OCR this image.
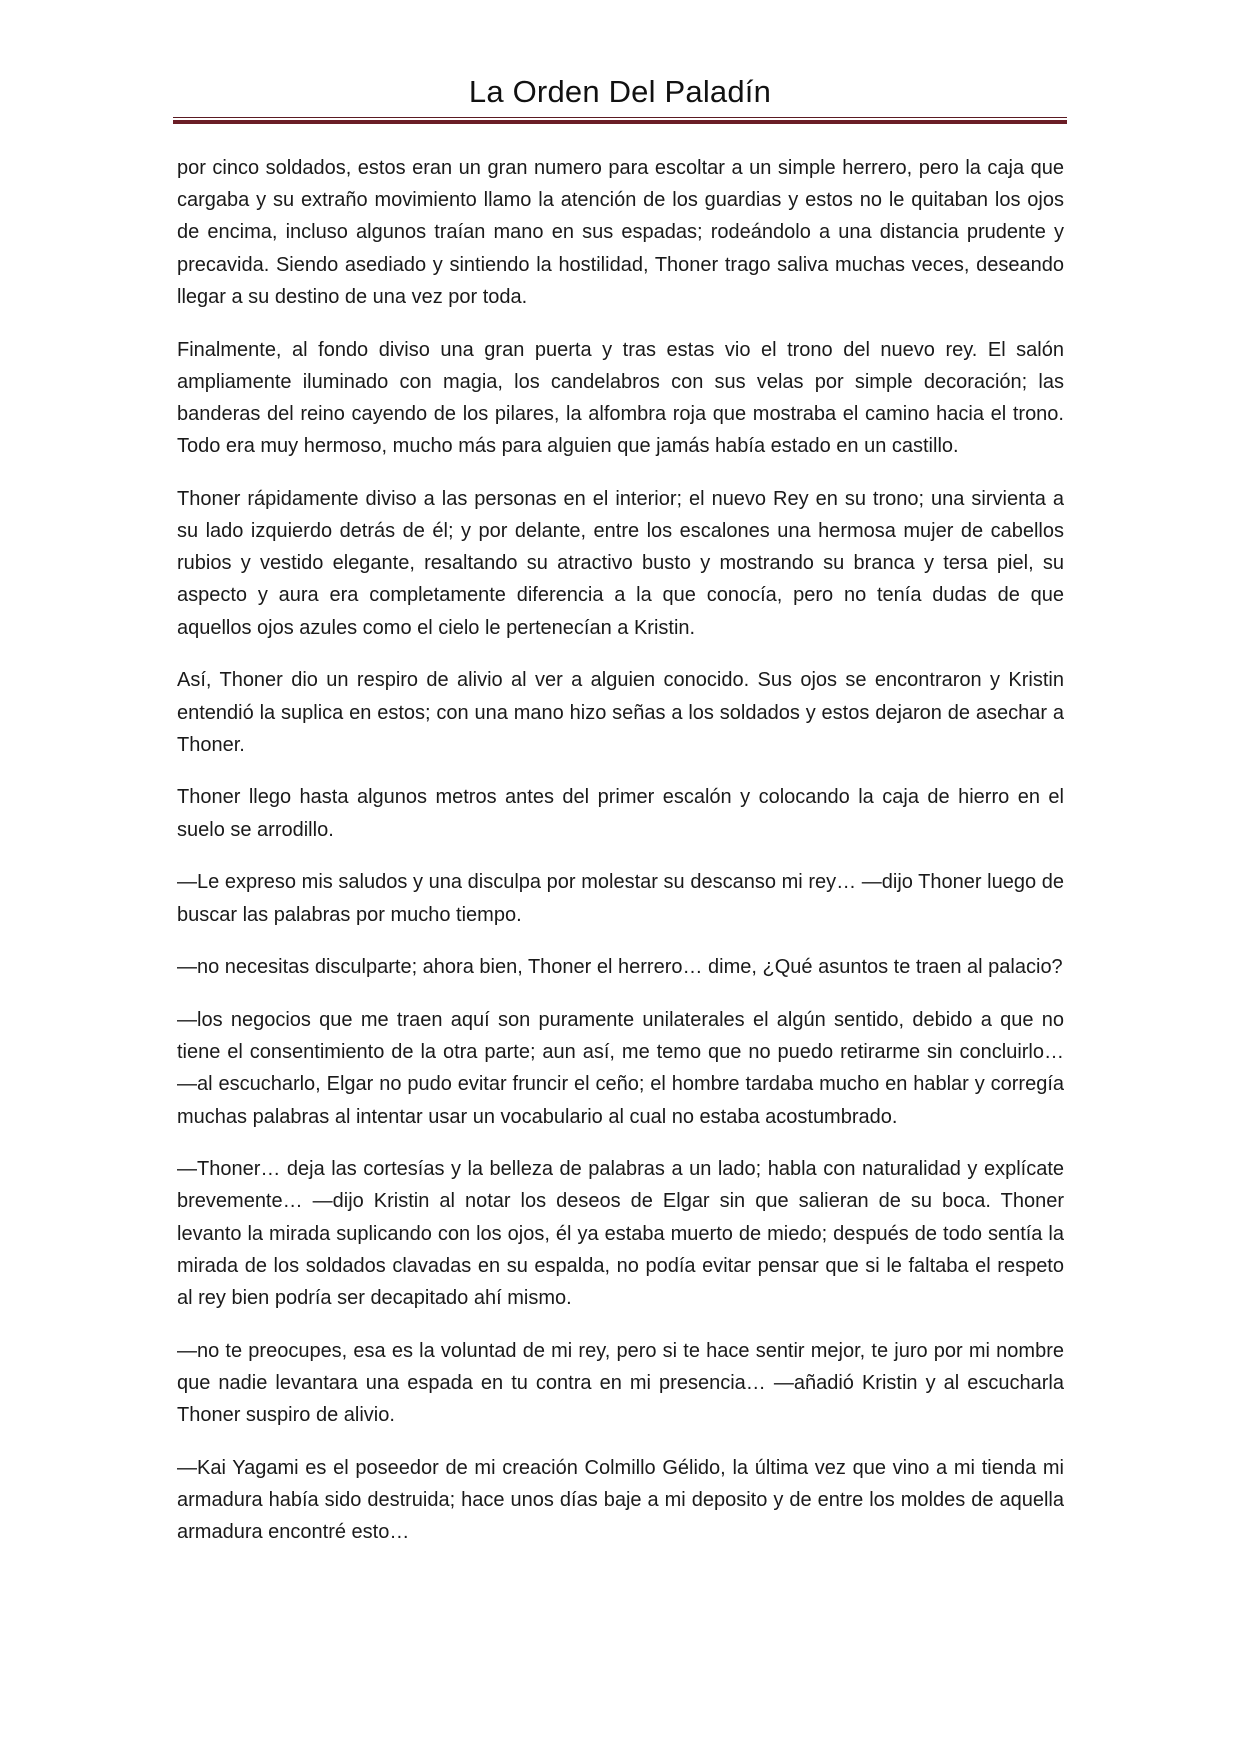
La Orden Del Paladín

por cinco soldados, estos eran un gran numero para escoltar a un simple herrero, pero la caja que cargaba y su extraño movimiento llamo la atención de los guardias y estos no le quitaban los ojos de encima, incluso algunos traían mano en sus espadas; rodeándolo a una distancia prudente y precavida. Siendo asediado y sintiendo la hostilidad, Thoner trago saliva muchas veces, deseando llegar a su destino de una vez por toda.

Finalmente, al fondo diviso una gran puerta y tras estas vio el trono del nuevo rey. El salón ampliamente iluminado con magia, los candelabros con sus velas por simple decoración; las banderas del reino cayendo de los pilares, la alfombra roja que mostraba el camino hacia el trono. Todo era muy hermoso, mucho más para alguien que jamás había estado en un castillo.

Thoner rápidamente diviso a las personas en el interior; el nuevo Rey en su trono; una sirvienta a su lado izquierdo detrás de él; y por delante, entre los escalones una hermosa mujer de cabellos rubios y vestido elegante, resaltando su atractivo busto y mostrando su branca y tersa piel, su aspecto y aura era completamente diferencia a la que conocía, pero no tenía dudas de que aquellos ojos azules como el cielo le pertenecían a Kristin.

Así, Thoner dio un respiro de alivio al ver a alguien conocido. Sus ojos se encontraron y Kristin entendió la suplica en estos; con una mano hizo señas a los soldados y estos dejaron de asechar a Thoner.

Thoner llego hasta algunos metros antes del primer escalón y colocando la caja de hierro en el suelo se arrodillo.

—Le expreso mis saludos y una disculpa por molestar su descanso mi rey… —dijo Thoner luego de buscar las palabras por mucho tiempo.

—no necesitas disculparte; ahora bien, Thoner el herrero… dime, ¿Qué asuntos te traen al palacio?

—los negocios que me traen aquí son puramente unilaterales el algún sentido, debido a que no tiene el consentimiento de la otra parte; aun así, me temo que no puedo retirarme sin concluirlo… —al escucharlo, Elgar no pudo evitar fruncir el ceño; el hombre tardaba mucho en hablar y corregía muchas palabras al intentar usar un vocabulario al cual no estaba acostumbrado.

—Thoner… deja las cortesías y la belleza de palabras a un lado; habla con naturalidad y explícate brevemente… —dijo Kristin al notar los deseos de Elgar sin que salieran de su boca. Thoner levanto la mirada suplicando con los ojos, él ya estaba muerto de miedo; después de todo sentía la mirada de los soldados clavadas en su espalda, no podía evitar pensar que si le faltaba el respeto al rey bien podría ser decapitado ahí mismo.

—no te preocupes, esa es la voluntad de mi rey, pero si te hace sentir mejor, te juro por mi nombre que nadie levantara una espada en tu contra en mi presencia… —añadió Kristin y al escucharla Thoner suspiro de alivio.

—Kai Yagami es el poseedor de mi creación Colmillo Gélido, la última vez que vino a mi tienda mi armadura había sido destruida; hace unos días baje a mi deposito y de entre los moldes de aquella armadura encontré esto…
